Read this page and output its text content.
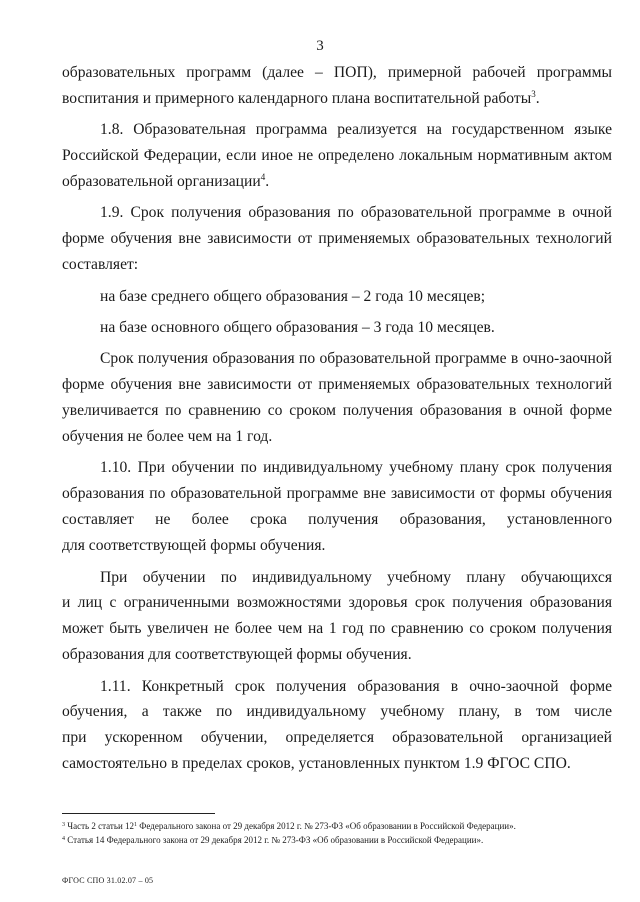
3
образовательных программ (далее – ПОП), примерной рабочей программы
воспитания и примерного календарного плана воспитательной работы$^3$.
1.8. Образовательная программа реализуется на государственном языке
Российской Федерации, если иное не определено локальным нормативным актом
образовательной организации$^4$.
1.9. Срок получения образования по образовательной программе в очной
форме обучения вне зависимости от применяемых образовательных технологий
составляет:
на базе среднего общего образования – 2 года 10 месяцев;
на базе основного общего образования – 3 года 10 месяцев.
Срок получения образования по образовательной программе в очно-заочной
форме обучения вне зависимости от применяемых образовательных технологий
увеличивается по сравнению со сроком получения образования в очной форме
обучения не более чем на 1 год.
1.10. При обучении по индивидуальному учебному плану срок получения
образования по образовательной программе вне зависимости от формы обучения
составляет не более срока получения образования, установленного
для соответствующей формы обучения.
При обучении по индивидуальному учебному плану обучающихся
и лиц с ограниченными возможностями здоровья срок получения образования
может быть увеличен не более чем на 1 год по сравнению со сроком получения
образования для соответствующей формы обучения.
1.11. Конкретный срок получения образования в очно-заочной форме
обучения, а также по индивидуальному учебному плану, в том числе
при ускоренном обучении, определяется образовательной организацией
самостоятельно в пределах сроков, установленных пунктом 1.9 ФГОС СПО.
$^3$ Часть 2 статьи $12^1$ Федерального закона от 29 декабря 2012 г. № 273-ФЗ «Об образовании в Российской Федерации».
$^4$ Статья 14 Федерального закона от 29 декабря 2012 г. № 273-ФЗ «Об образовании в Российской Федерации».
ФГОС СПО 31.02.07 – 05
